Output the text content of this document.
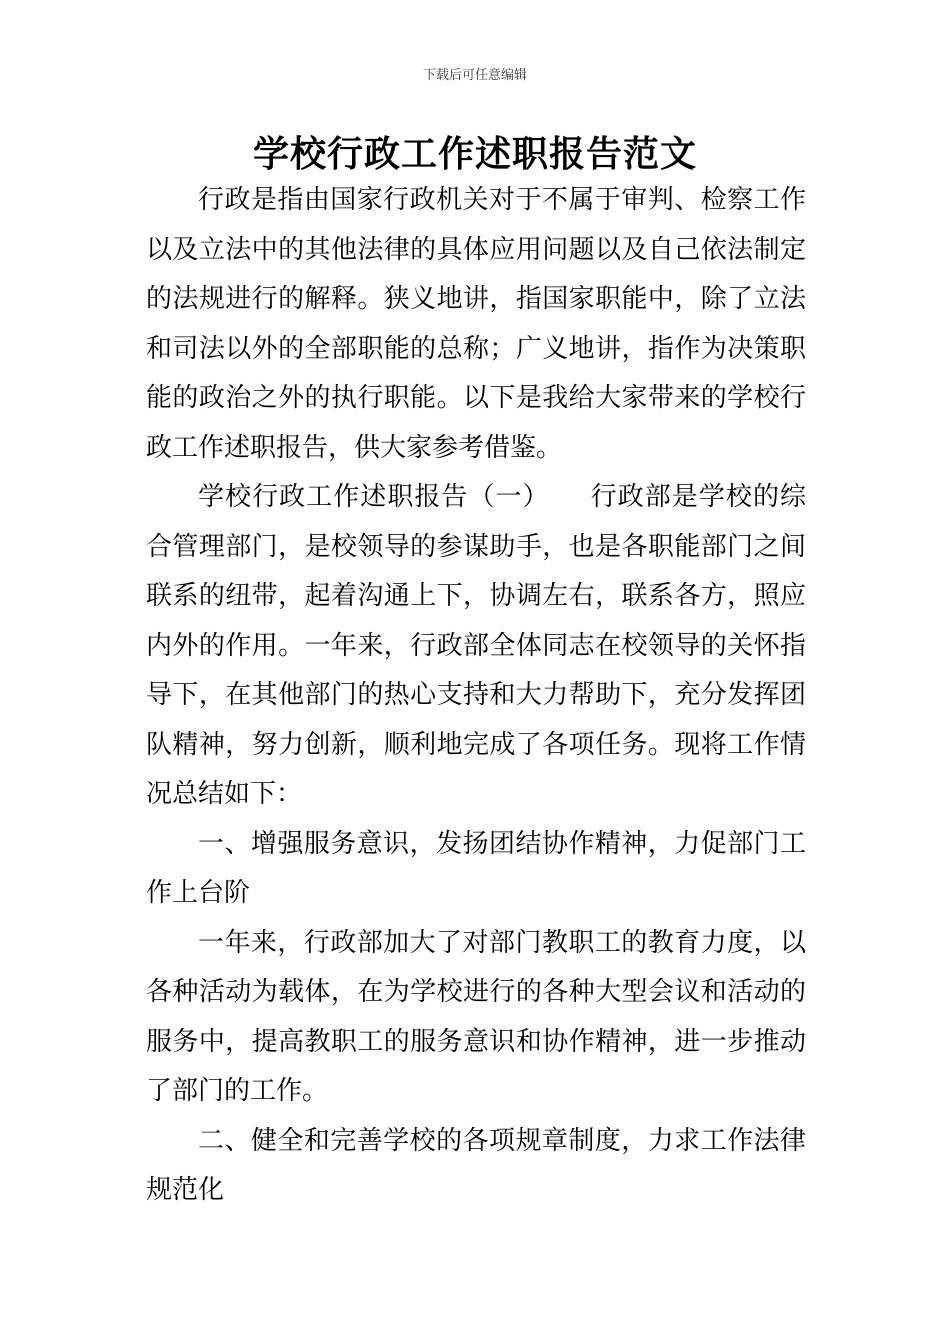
下载后可任意编辑
学校行政工作述职报告范文

行政是指由国家行政机关对于不属于审判、检察工作以及立法中的其他法律的具体应用问题以及自己依法制定的法规进行的解释。狭义地讲，指国家职能中，除了立法和司法以外的全部职能的总称；广义地讲，指作为决策职能的政治之外的执行职能。以下是我给大家带来的学校行政工作述职报告，供大家参考借鉴。

学校行政工作述职报告（一）　　行政部是学校的综合管理部门，是校领导的参谋助手，也是各职能部门之间联系的纽带，起着沟通上下，协调左右，联系各方，照应内外的作用。一年来，行政部全体同志在校领导的关怀指导下，在其他部门的热心支持和大力帮助下，充分发挥团队精神，努力创新，顺利地完成了各项任务。现将工作情况总结如下：

一、增强服务意识，发扬团结协作精神，力促部门工作上台阶

一年来，行政部加大了对部门教职工的教育力度，以各种活动为载体，在为学校进行的各种大型会议和活动的服务中，提高教职工的服务意识和协作精神，进一步推动了部门的工作。

二、健全和完善学校的各项规章制度，力求工作法律规范化
